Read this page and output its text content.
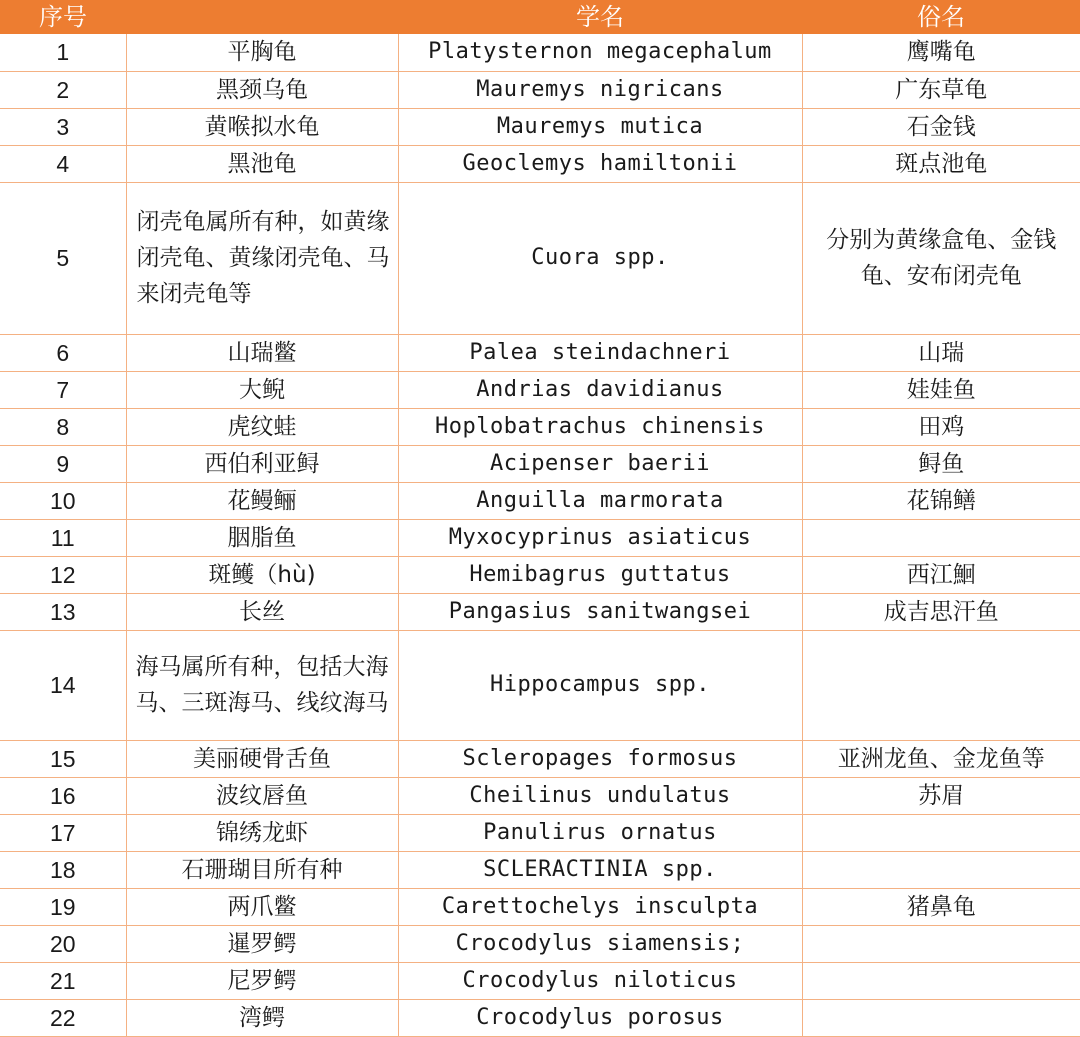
序号		学名	俗名
1	平胸龟	Platysternon megacephalum	鹰嘴龟
2	黑颈乌龟	Mauremys nigricans	广东草龟
3	黄喉拟水龟	Mauremys mutica	石金钱
4	黑池龟	Geoclemys hamiltonii	斑点池龟
5	闭壳龟属所有种，如黄缘闭壳龟、黄缘闭壳龟、马来闭壳龟等	Cuora spp.	分别为黄缘盒龟、金钱龟、安布闭壳龟
6	山瑞鳖	Palea steindachneri	山瑞
7	大鲵	Andrias davidianus	娃娃鱼
8	虎纹蛙	Hoplobatrachus chinensis	田鸡
9	西伯利亚鲟	Acipenser baerii	鲟鱼
10	花鳗鲡	Anguilla marmorata	花锦鳝
11	胭脂鱼	Myxocyprinus asiaticus	
12	斑鳠（hù)	Hemibagrus guttatus	西江鮰
13	长丝	Pangasius sanitwangsei	成吉思汗鱼
14	海马属所有种，包括大海马、三斑海马、线纹海马	Hippocampus spp.	
15	美丽硬骨舌鱼	Scleropages formosus	亚洲龙鱼、金龙鱼等
16	波纹唇鱼	Cheilinus undulatus	苏眉
17	锦绣龙虾	Panulirus ornatus	
18	石珊瑚目所有种	SCLERACTINIA spp.	
19	两爪鳖	Carettochelys insculpta	猪鼻龟
20	暹罗鳄	Crocodylus siamensis;	
21	尼罗鳄	Crocodylus niloticus	
22	湾鳄	Crocodylus porosus	
